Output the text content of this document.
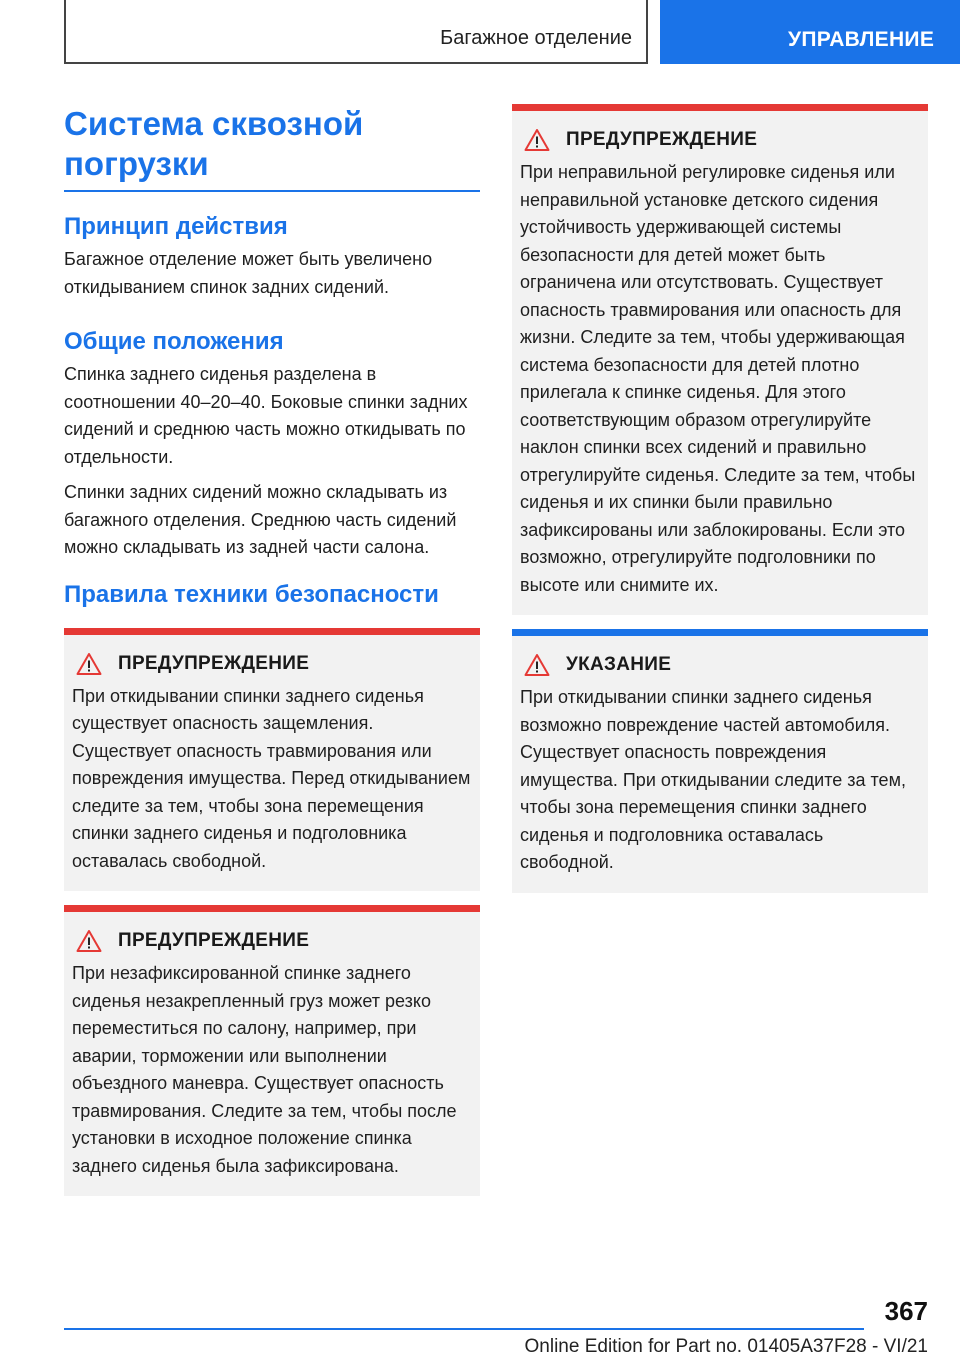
Багажное отделение	УПРАВЛЕНИЕ
Система сквозной
погрузки
Принцип действия

Багажное отделение может быть увеличено откидыванием спинок задних сидений.

Общие положения

Спинка заднего сиденья разделена в соотношении 40–20–40. Боковые спинки задних сидений и среднюю часть можно откидывать по отдельности.

Спинки задних сидений можно складывать из багажного отделения. Среднюю часть сидений можно складывать из задней части салона.

Правила техники безопасности
ПРЕДУПРЕЖДЕНИЕ
При откидывании спинки заднего сиденья существует опасность защемления. Существует опасность травмирования или повреждения имущества. Перед откидыванием следите за тем, чтобы зона перемещения спинки заднего сиденья и подголовника оставалась свободной.
ПРЕДУПРЕЖДЕНИЕ
При незафиксированной спинке заднего сиденья незакрепленный груз может резко переместиться по салону, например, при аварии, торможении или выполнении объездного маневра. Существует опасность травмирования. Следите за тем, чтобы после установки в исходное положение спинка заднего сиденья была зафиксирована.
ПРЕДУПРЕЖДЕНИЕ
При неправильной регулировке сиденья или неправильной установке детского сидения устойчивость удерживающей системы безопасности для детей может быть ограничена или отсутствовать. Существует опасность травмирования или опасность для жизни. Следите за тем, чтобы удерживающая система безопасности для детей плотно прилегала к спинке сиденья. Для этого соответствующим образом отрегулируйте наклон спинки всех сидений и правильно отрегулируйте сиденья. Следите за тем, чтобы сиденья и их спинки были правильно зафиксированы или заблокированы. Если это возможно, отрегулируйте подголовники по высоте или снимите их.
УКАЗАНИЕ
При откидывании спинки заднего сиденья возможно повреждение частей автомобиля. Существует опасность повреждения имущества. При откидывании следите за тем, чтобы зона перемещения спинки заднего сиденья и подголовника оставалась свободной.
367
Online Edition for Part no. 01405A37F28 - VI/21
